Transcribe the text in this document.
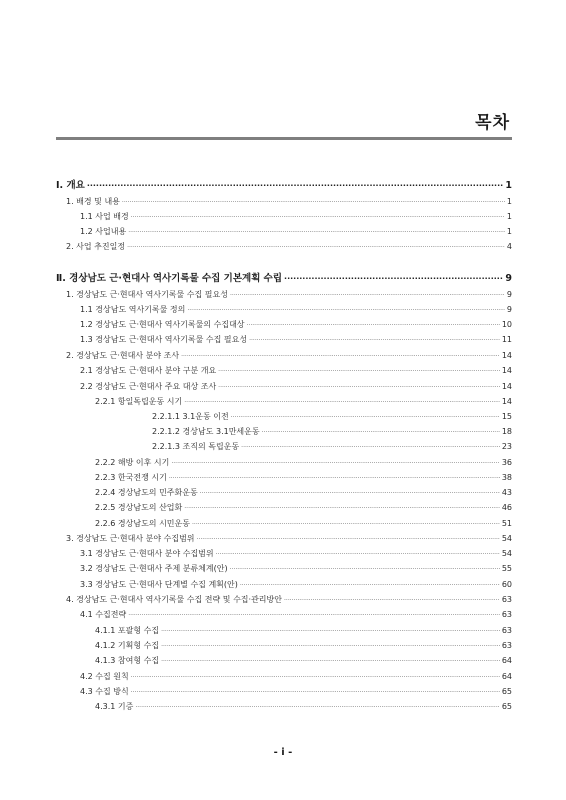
목차
Ⅰ. 개요 ·····	1
1. 배경 및 내용 ·····	1
1.1 사업 배경 ·····	1
1.2 사업내용 ·····	1
2. 사업 추진일정 ·····	4
Ⅱ. 경상남도 근·현대사 역사기록물 수집 기본계획 수립 ·····	9
1. 경상남도 근·현대사 역사기록물 수집 필요성 ·····	9
1.1 경상남도 역사기록물 정의 ·····	9
1.2 경상남도 근·현대사 역사기록물의 수집대상 ·····	10
1.3 경상남도 근·현대사 역사기록물 수집 필요성 ·····	11
2. 경상남도 근·현대사 분야 조사 ·····	14
2.1 경상남도 근·현대사 분야 구분 개요 ·····	14
2.2 경상남도 근·현대사 주요 대상 조사 ·····	14
2.2.1 항일독립운동 시기 ·····	14
2.2.1.1 3.1운동 이전 ·····	15
2.2.1.2 경상남도 3.1만세운동 ·····	18
2.2.1.3 조직의 독립운동 ·····	23
2.2.2 해방 이후 시기 ·····	36
2.2.3 한국전쟁 시기 ·····	38
2.2.4 경상남도의 민주화운동 ·····	43
2.2.5 경상남도의 산업화 ·····	46
2.2.6 경상남도의 시민운동 ·····	51
3. 경상남도 근·현대사 분야 수집범위 ·····	54
3.1 경상남도 근·현대사 분야 수집범위 ·····	54
3.2 경상남도 근·현대사 주제 분류체계(안) ·····	55
3.3 경상남도 근·현대사 단계별 수집 계획(안) ·····	60
4. 경상남도 근·현대사 역사기록물 수집 전략 및 수집·관리방안 ·····	63
4.1 수집전략 ·····	63
4.1.1 포괄형 수집 ·····	63
4.1.2 기획형 수집 ·····	63
4.1.3 참여형 수집 ·····	64
4.2 수집 원칙 ·····	64
4.3 수집 방식 ·····	65
4.3.1 기증 ·····	65
- i -
